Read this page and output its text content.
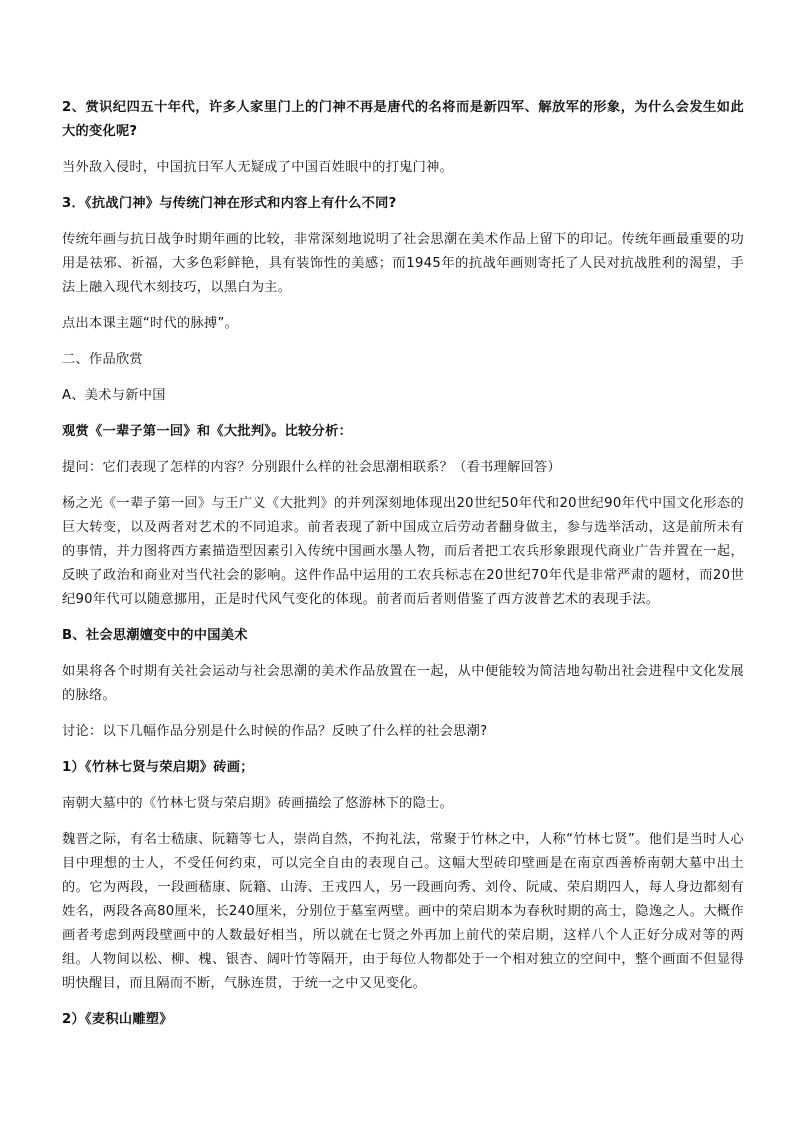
2、赏识纪四五十年代，许多人家里门上的门神不再是唐代的名将而是新四军、解放军的形象，为什么会发生如此大的变化呢?

当外敌入侵时，中国抗日军人无疑成了中国百姓眼中的打鬼门神。

3．《抗战门神》与传统门神在形式和内容上有什么不同?

传统年画与抗日战争时期年画的比较，非常深刻地说明了社会思潮在美术作品上留下的印记。传统年画最重要的功用是祛邪、祈福，大多色彩鲜艳，具有装饰性的美感；而1945年的抗战年画则寄托了人民对抗战胜利的渴望，手法上融入现代木刻技巧，以黑白为主。

点出本课主题“时代的脉搏”。

二、作品欣赏

A、美术与新中国

观赏《一辈子第一回》和《大批判》。比较分析：

提问：它们表现了怎样的内容？分别跟什么样的社会思潮相联系？（看书理解回答）

杨之光《一辈子第一回》与王广义《大批判》的并列深刻地体现出20世纪50年代和20世纪90年代中国文化形态的巨大转变，以及两者对艺术的不同追求。前者表现了新中国成立后劳动者翻身做主，参与选举活动，这是前所未有的事情，并力图将西方素描造型因素引入传统中国画水墨人物，而后者把工农兵形象跟现代商业广告并置在一起，反映了政治和商业对当代社会的影响。这件作品中运用的工农兵标志在20世纪70年代是非常严肃的题材，而20世纪90年代可以随意挪用，正是时代风气变化的体现。前者而后者则借鉴了西方波普艺术的表现手法。

B、社会思潮嬗变中的中国美术

如果将各个时期有关社会运动与社会思潮的美术作品放置在一起，从中便能较为简洁地勾勒出社会进程中文化发展的脉络。

讨论：以下几幅作品分别是什么时候的作品？反映了什么样的社会思潮?

1）《竹林七贤与荣启期》砖画；

南朝大墓中的《竹林七贤与荣启期》砖画描绘了悠游林下的隐士。

魏晋之际，有名士嵇康、阮籍等七人，崇尚自然，不拘礼法，常聚于竹林之中，人称“竹林七贤”。他们是当时人心目中理想的士人，不受任何约束，可以完全自由的表现自己。这幅大型砖印壁画是在南京西善桥南朝大墓中出土的。它为两段，一段画嵇康、阮籍、山涛、王戎四人，另一段画向秀、刘伶、阮咸、荣启期四人，每人身边都刻有姓名，两段各高80厘米，长240厘米，分别位于墓室两壁。画中的荣启期本为春秋时期的高士，隐逸之人。大概作画者考虑到两段壁画中的人数最好相当，所以就在七贤之外再加上前代的荣启期，这样八个人正好分成对等的两组。人物间以松、柳、槐、银杏、阔叶竹等隔开，由于每位人物都处于一个相对独立的空间中，整个画面不但显得明快醒目，而且隔而不断，气脉连贯，于统一之中又见变化。

2）《麦积山雕塑》
